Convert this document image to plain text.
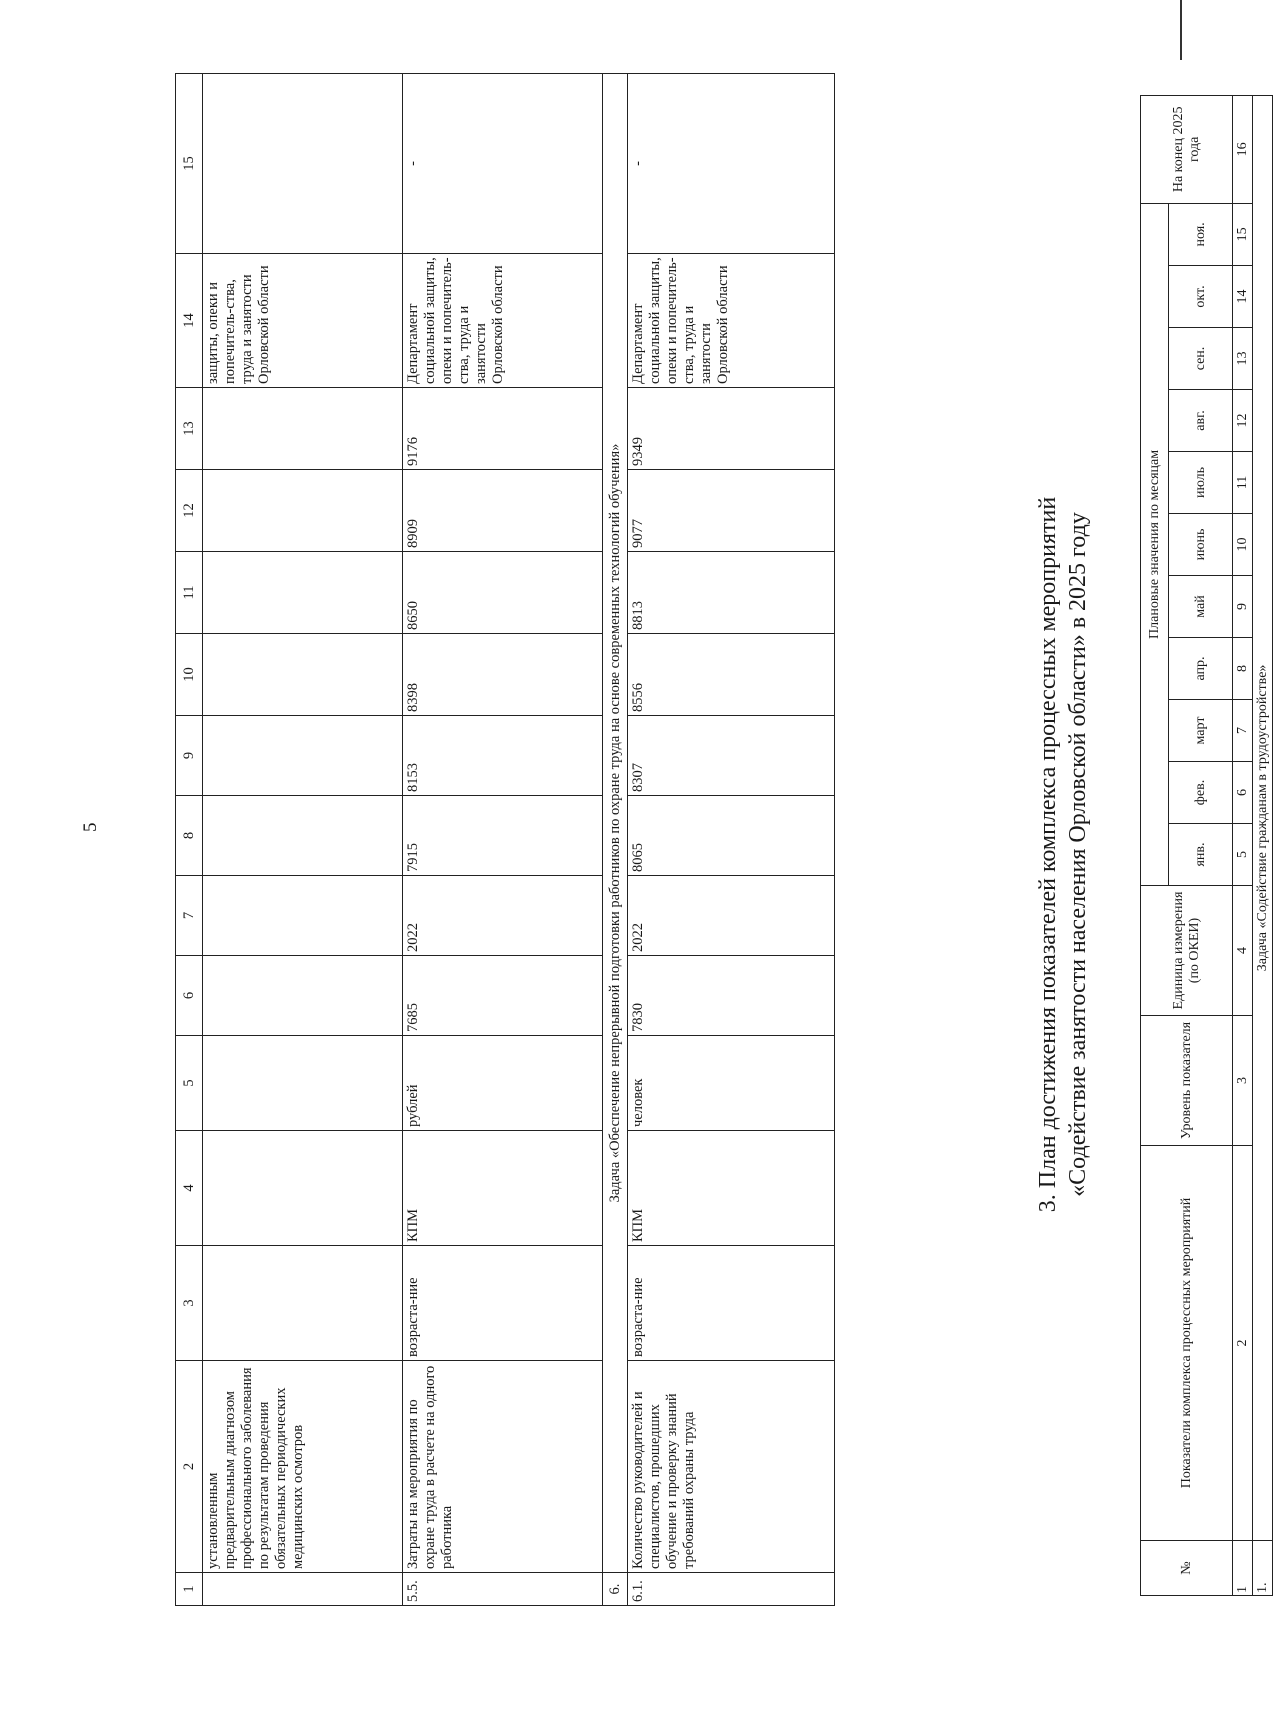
5
1	2	3	4	5	6	7	8	9	10	11	12	13	14	15
	установленным предварительным диагнозом профессионального заболевания по результатам проведения обязательных периодических медицинских осмотров												защиты, опеки и попечитель-ства, труда и занятости Орловской области	
5.5.	Затраты на мероприятия по охране труда в расчете на одного работника	возраста-ние	КПМ	рублей	7685	2022	7915	8153	8398	8650	8909	9176	Департамент социальной защиты, опеки и попечитель-ства, труда и занятости Орловской области	-
6.	Задача «Обеспечение непрерывной подготовки работников по охране труда на основе современных технологий обучения»													
6.1.	Количество руководителей и специалистов, прошедших обучение и проверку знаний требований охраны труда	возраста-ние	КПМ	человек	7830	2022	8065	8307	8556	8813	9077	9349	Департамент социальной защиты, опеки и попечитель-ства, труда и занятости Орловской области	-
3. План достижения показателей комплекса процессных мероприятий «Содействие занятости населения Орловской области» в 2025 году
№	Показатели комплекса процессных мероприятий	Уровень показателя	Единица измерения (по ОКЕИ)	Плановые значения по месяцам											На конец 2025 года
				янв.	фев.	март	апр.	май	июнь	июль	авг.	сен.	окт.	ноя.	
1	2	3	4	5	6	7	8	9	10	11	12	13	14	15	16
1.	Задача «Содействие гражданам в трудоустройстве»														
